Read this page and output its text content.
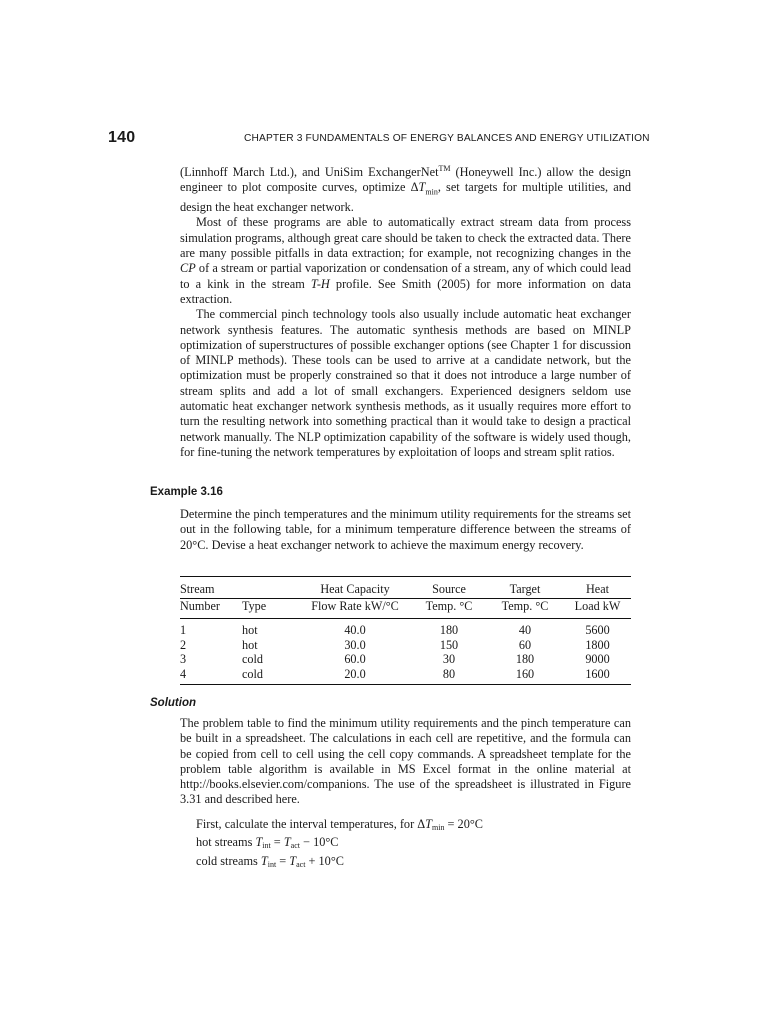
140	CHAPTER 3 FUNDAMENTALS OF ENERGY BALANCES AND ENERGY UTILIZATION

(Linnhoff March Ltd.), and UniSim ExchangerNet™ (Honeywell Inc.) allow the design engineer to plot composite curves, optimize $\Delta T_{min}$, set targets for multiple utilities, and design the heat exchanger network.

Most of these programs are able to automatically extract stream data from process simulation programs, although great care should be taken to check the extracted data. There are many possible pitfalls in data extraction; for example, not recognizing changes in the CP of a stream or partial vaporization or condensation of a stream, any of which could lead to a kink in the stream T-H profile. See Smith (2005) for more information on data extraction.

The commercial pinch technology tools also usually include automatic heat exchanger network synthesis features. The automatic synthesis methods are based on MINLP optimization of superstructures of possible exchanger options (see Chapter 1 for discussion of MINLP methods). These tools can be used to arrive at a candidate network, but the optimization must be properly constrained so that it does not introduce a large number of stream splits and add a lot of small exchangers. Experienced designers seldom use automatic heat exchanger network synthesis methods, as it usually requires more effort to turn the resulting network into something practical than it would take to design a practical network manually. The NLP optimization capability of the software is widely used though, for fine-tuning the network temperatures by exploitation of loops and stream split ratios.

Example 3.16

Determine the pinch temperatures and the minimum utility requirements for the streams set out in the following table, for a minimum temperature difference between the streams of 20°C. Devise a heat exchanger network to achieve the maximum energy recovery.

Stream		Heat Capacity	Source	Target	Heat
Number	Type	Flow Rate kW/°C	Temp. °C	Temp. °C	Load kW
1	hot	40.0	180	40	5600
2	hot	30.0	150	60	1800
3	cold	60.0	30	180	9000
4	cold	20.0	80	160	1600
Solution

The problem table to find the minimum utility requirements and the pinch temperature can be built in a spreadsheet. The calculations in each cell are repetitive, and the formula can be copied from cell to cell using the cell copy commands. A spreadsheet template for the problem table algorithm is available in MS Excel format in the online material at http://books.elsevier.com/companions. The use of the spreadsheet is illustrated in Figure 3.31 and described here.

First, calculate the interval temperatures, for $\Delta T_{min} = 20^\circ C$
hot streams $T_{int} = T_{act} - 10^\circ C$
cold streams $T_{int} = T_{act} + 10^\circ C$
